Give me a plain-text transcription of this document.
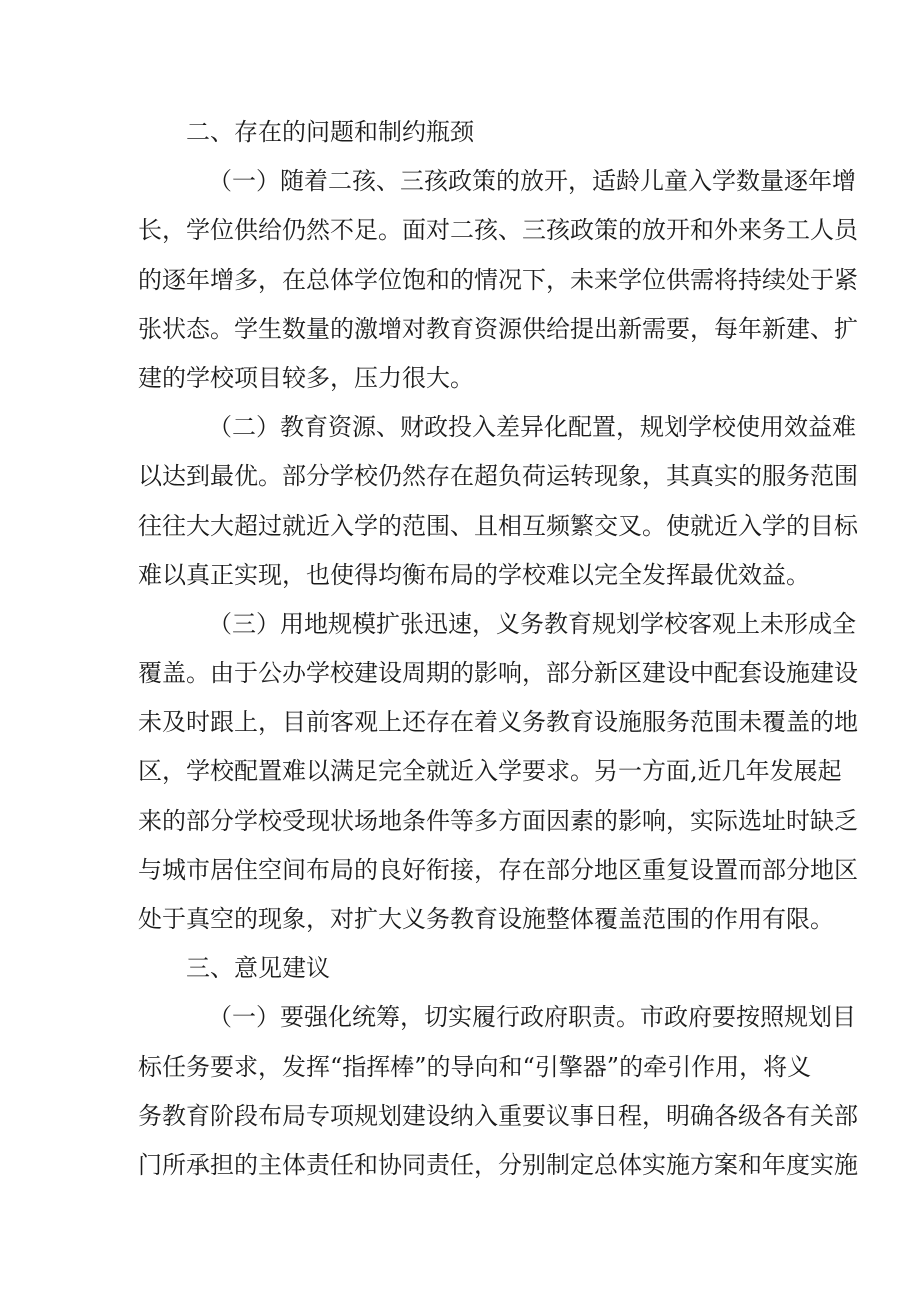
二、存在的问题和制约瓶颈
（一）随着二孩、三孩政策的放开，适龄儿童入学数量逐年增
长，学位供给仍然不足。面对二孩、三孩政策的放开和外来务工人员
的逐年增多，在总体学位饱和的情况下，未来学位供需将持续处于紧
张状态。学生数量的激增对教育资源供给提出新需要，每年新建、扩
建的学校项目较多，压力很大。
（二）教育资源、财政投入差异化配置，规划学校使用效益难
以达到最优。部分学校仍然存在超负荷运转现象，其真实的服务范围
往往大大超过就近入学的范围、且相互频繁交叉。使就近入学的目标
难以真正实现，也使得均衡布局的学校难以完全发挥最优效益。
（三）用地规模扩张迅速，义务教育规划学校客观上未形成全
覆盖。由于公办学校建设周期的影响，部分新区建设中配套设施建设
未及时跟上，目前客观上还存在着义务教育设施服务范围未覆盖的地
区，学校配置难以满足完全就近入学要求。另一方面,近几年发展起
来的部分学校受现状场地条件等多方面因素的影响，实际选址时缺乏
与城市居住空间布局的良好衔接，存在部分地区重复设置而部分地区
处于真空的现象，对扩大义务教育设施整体覆盖范围的作用有限。
三、意见建议
（一）要强化统筹，切实履行政府职责。市政府要按照规划目
标任务要求，发挥“指挥棒”的导向和“引擎器”的牵引作用，将义
务教育阶段布局专项规划建设纳入重要议事日程，明确各级各有关部
门所承担的主体责任和协同责任，分别制定总体实施方案和年度实施
